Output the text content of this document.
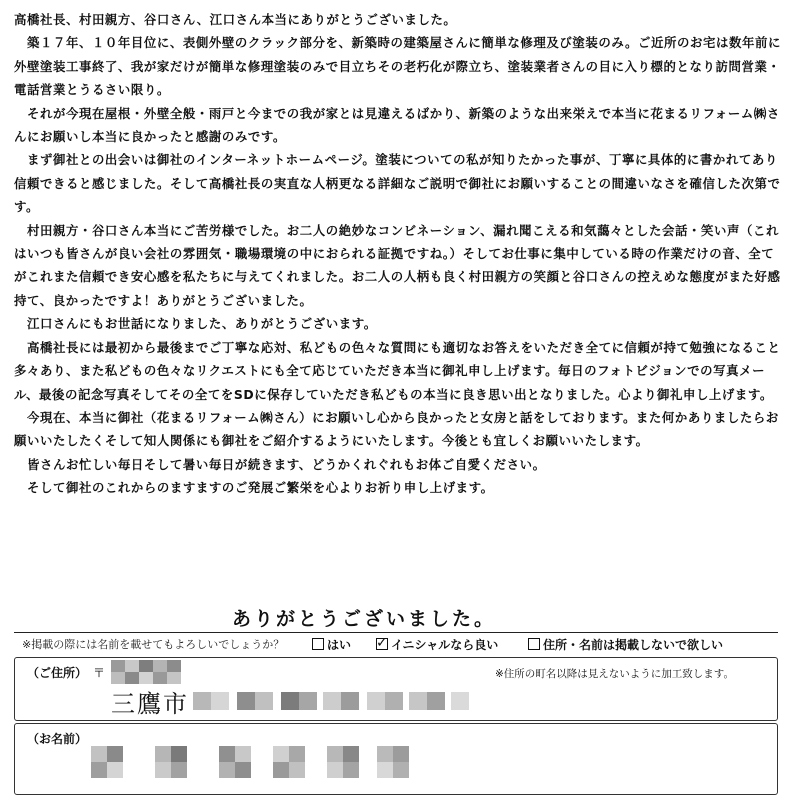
高橋社長、村田親方、谷口さん、江口さん本当にありがとうございました。

　築１７年、１０年目位に、表側外壁のクラック部分を、新築時の建築屋さんに簡単な修理及び塗装のみ。ご近所のお宅は数年前に外壁塗装工事終了、我が家だけが簡単な修理塗装のみで目立ちその老朽化が際立ち、塗装業者さんの目に入り標的となり訪問営業・電話営業とうるさい限り。

　それが今現在屋根・外壁全般・雨戸と今までの我が家とは見違えるばかり、新築のような出来栄えで本当に花まるリフォーム㈱さんにお願いし本当に良かったと感謝のみです。

　まず御社との出会いは御社のインターネットホームページ。塗装についての私が知りたかった事が、丁寧に具体的に書かれてあり信頼できると感じました。そして高橋社長の実直な人柄更なる詳細なご説明で御社にお願いすることの間違いなさを確信した次第です。

　村田親方・谷口さん本当にご苦労様でした。お二人の絶妙なコンビネーション、漏れ聞こえる和気藹々とした会話・笑い声（これはいつも皆さんが良い会社の雰囲気・職場環境の中におられる証拠ですね。）そしてお仕事に集中している時の作業だけの音、全てがこれまた信頼でき安心感を私たちに与えてくれました。お二人の人柄も良く村田親方の笑顔と谷口さんの控えめな態度がまた好感持て、良かったですよ！ありがとうございました。

　江口さんにもお世話になりました、ありがとうございます。

　高橋社長には最初から最後までご丁寧な応対、私どもの色々な質問にも適切なお答えをいただき全てに信頼が持て勉強になること多々あり、また私どもの色々なリクエストにも全て応じていただき本当に御礼申し上げます。毎日のフォトビジョンでの写真メール、最後の記念写真そしてその全てをSDに保存していただき私どもの本当に良き思い出となりました。心より御礼申し上げます。

　今現在、本当に御社（花まるリフォーム㈱さん）にお願いし心から良かったと女房と話をしております。また何かありましたらお願いいたしたくそして知人関係にも御社をご紹介するようにいたします。今後とも宜しくお願いいたします。

　皆さんお忙しい毎日そして暑い毎日が続きます、どうかくれぐれもお体ご自愛ください。

　そして御社のこれからのますますのご発展ご繁栄を心よりお祈り申し上げます。

ありがとうございました。
※掲載の際には名前を載せてもよろしいでしょうか？	はい
✓	イニシャルなら良い	住所・名前は掲載しないで欲しい
（ご住所） 〒	※住所の町名以降は見えないように加工致します。
三鷹市
（お名前）
